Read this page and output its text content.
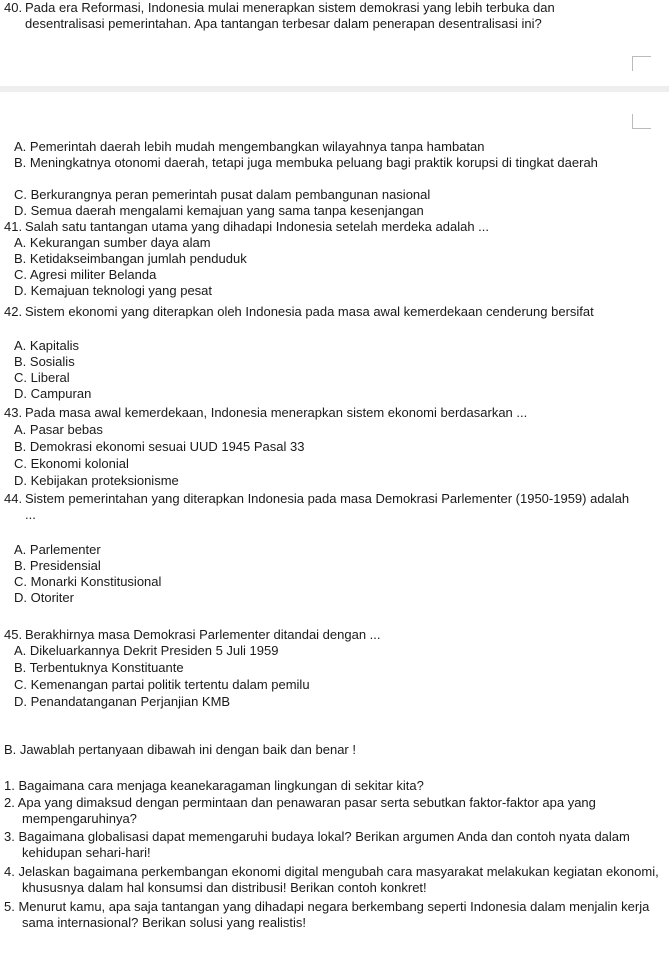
40. Pada era Reformasi, Indonesia mulai menerapkan sistem demokrasi yang lebih terbuka dan desentralisasi pemerintahan. Apa tantangan terbesar dalam penerapan desentralisasi ini?
A. Pemerintah daerah lebih mudah mengembangkan wilayahnya tanpa hambatan
B. Meningkatnya otonomi daerah, tetapi juga membuka peluang bagi praktik korupsi di tingkat daerah
C. Berkurangnya peran pemerintah pusat dalam pembangunan nasional
D. Semua daerah mengalami kemajuan yang sama tanpa kesenjangan
41. Salah satu tantangan utama yang dihadapi Indonesia setelah merdeka adalah ...
A. Kekurangan sumber daya alam
B. Ketidakseimbangan jumlah penduduk
C. Agresi militer Belanda
D. Kemajuan teknologi yang pesat
42. Sistem ekonomi yang diterapkan oleh Indonesia pada masa awal kemerdekaan cenderung bersifat
A. Kapitalis
B. Sosialis
C. Liberal
D. Campuran
43. Pada masa awal kemerdekaan, Indonesia menerapkan sistem ekonomi berdasarkan ...
A. Pasar bebas
B. Demokrasi ekonomi sesuai UUD 1945 Pasal 33
C. Ekonomi kolonial
D. Kebijakan proteksionisme
44. Sistem pemerintahan yang diterapkan Indonesia pada masa Demokrasi Parlementer (1950-1959) adalah ...
A. Parlementer
B. Presidensial
C. Monarki Konstitusional
D. Otoriter
45. Berakhirnya masa Demokrasi Parlementer ditandai dengan ...
A. Dikeluarkannya Dekrit Presiden 5 Juli 1959
B. Terbentuknya Konstituante
C. Kemenangan partai politik tertentu dalam pemilu
D. Penandatanganan Perjanjian KMB
B. Jawablah pertanyaan dibawah ini dengan baik dan benar !
1. Bagaimana cara menjaga keanekaragaman lingkungan di sekitar kita?
2. Apa yang dimaksud dengan permintaan dan penawaran pasar serta sebutkan faktor-faktor apa yang mempengaruhinya?
3. Bagaimana globalisasi dapat memengaruhi budaya lokal? Berikan argumen Anda dan contoh nyata dalam kehidupan sehari-hari!
4. Jelaskan bagaimana perkembangan ekonomi digital mengubah cara masyarakat melakukan kegiatan ekonomi, khususnya dalam hal konsumsi dan distribusi! Berikan contoh konkret!
5. Menurut kamu, apa saja tantangan yang dihadapi negara berkembang seperti Indonesia dalam menjalin kerja sama internasional? Berikan solusi yang realistis!
